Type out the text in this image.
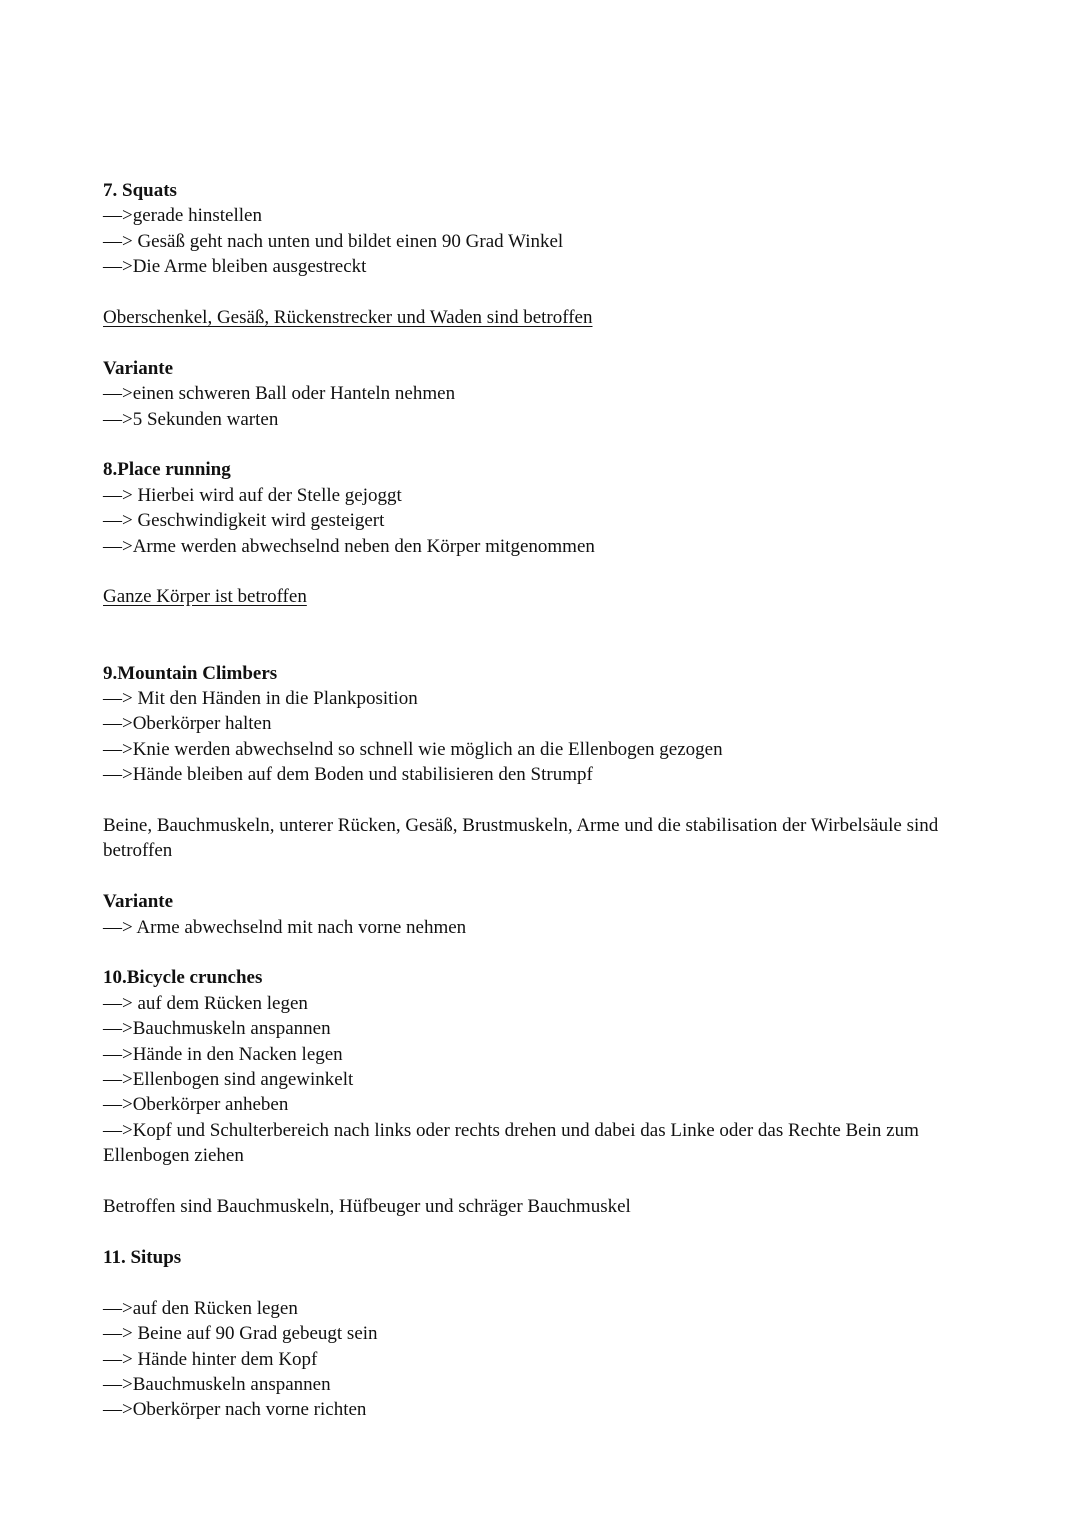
7. Squats
—>gerade hinstellen
—> Gesäß geht nach unten und bildet einen 90 Grad Winkel
—>Die Arme bleiben ausgestreckt
Oberschenkel, Gesäß, Rückenstrecker und Waden sind betroffen
Variante
—>einen schweren Ball oder Hanteln nehmen
—>5 Sekunden warten
8.Place running
—> Hierbei wird auf der Stelle gejoggt
—> Geschwindigkeit wird gesteigert
—>Arme werden abwechselnd neben den Körper mitgenommen
Ganze Körper ist betroffen
9.Mountain Climbers
—> Mit den Händen in die Plankposition
—>Oberkörper halten
—>Knie werden abwechselnd so schnell wie möglich an die Ellenbogen gezogen
—>Hände bleiben auf dem Boden und stabilisieren den Strumpf
Beine, Bauchmuskeln, unterer Rücken, Gesäß, Brustmuskeln, Arme und die stabilisation der Wirbelsäule sind betroffen
Variante
—> Arme abwechselnd mit nach vorne nehmen
10.Bicycle crunches
—> auf dem Rücken legen
—>Bauchmuskeln anspannen
—>Hände in den Nacken legen
—>Ellenbogen sind angewinkelt
—>Oberkörper anheben
—>Kopf und Schulterbereich nach links oder rechts drehen und dabei das Linke oder das Rechte Bein zum Ellenbogen ziehen
Betroffen sind Bauchmuskeln, Hüfbeuger und schräger Bauchmuskel
11. Situps
—>auf den Rücken legen
—> Beine auf 90 Grad gebeugt sein
—> Hände hinter dem Kopf
—>Bauchmuskeln anspannen
—>Oberkörper nach vorne richten
